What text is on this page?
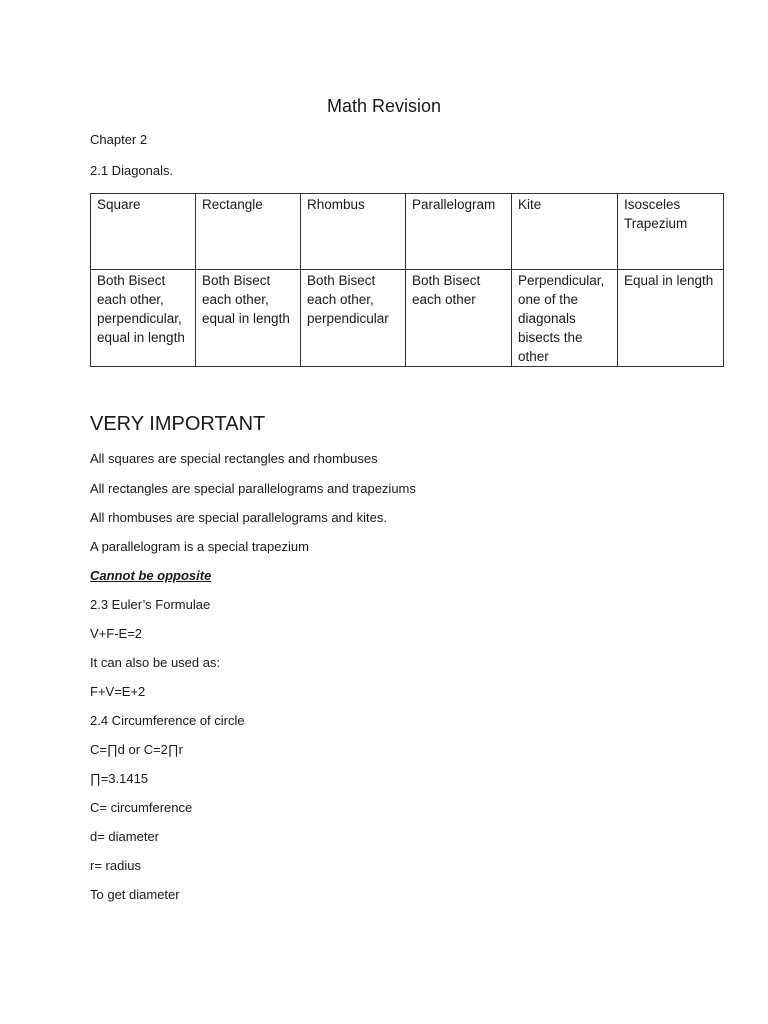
Math Revision
Chapter 2
2.1 Diagonals.
Square	Rectangle	Rhombus	Parallelogram	Kite	Isosceles Trapezium
Both Bisect each other, perpendicular, equal in length	Both Bisect each other, equal in length	Both Bisect each other, perpendicular	Both Bisect each other	Perpendicular, one of the diagonals bisects the other	Equal in length
VERY IMPORTANT
All squares are special rectangles and rhombuses
All rectangles are special parallelograms and trapeziums
All rhombuses are special parallelograms and kites.
A parallelogram is a special trapezium
Cannot be opposite
2.3 Euler’s Formulae
V+F-E=2
It can also be used as:
F+V=E+2
2.4 Circumference of circle
C=∏d or C=2∏r
∏=3.1415
C= circumference
d= diameter
r= radius
To get diameter
